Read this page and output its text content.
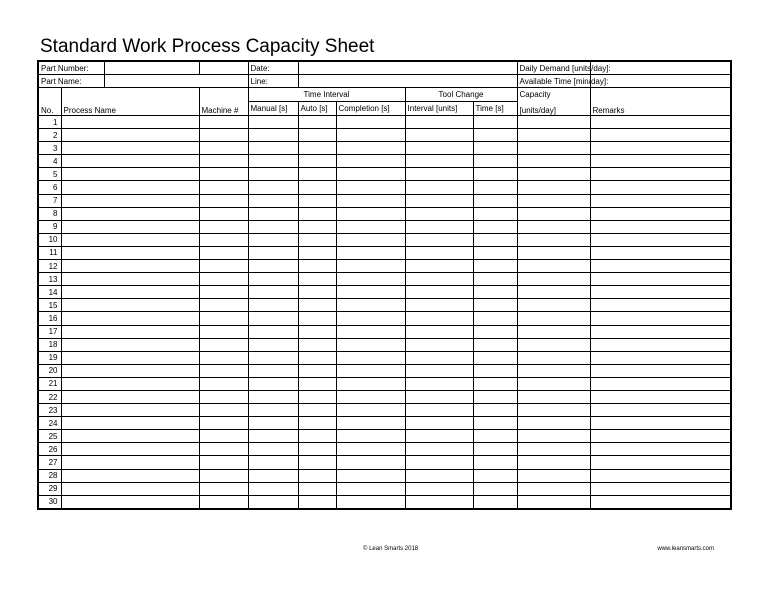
Standard Work Process Capacity Sheet
Part Number:				Date:					Daily Demand [units/day]:	
Part Name:				Line:					Available Time [min/day]:	
				Time Interval			Tool Change		Capacity	
No.	Process Name		Machine #	Manual [s]	Auto [s]	Completion [s]	Interval [units]	Time [s]	[units/day]	Remarks
1										
2										
3										
4										
5										
6										
7										
8										
9										
10										
11										
12										
13										
14										
15										
16										
17										
18										
19										
20										
21										
22										
23										
24										
25										
26										
27										
28										
29										
30										
© Lean Smarts 2018	www.leansmarts.com
